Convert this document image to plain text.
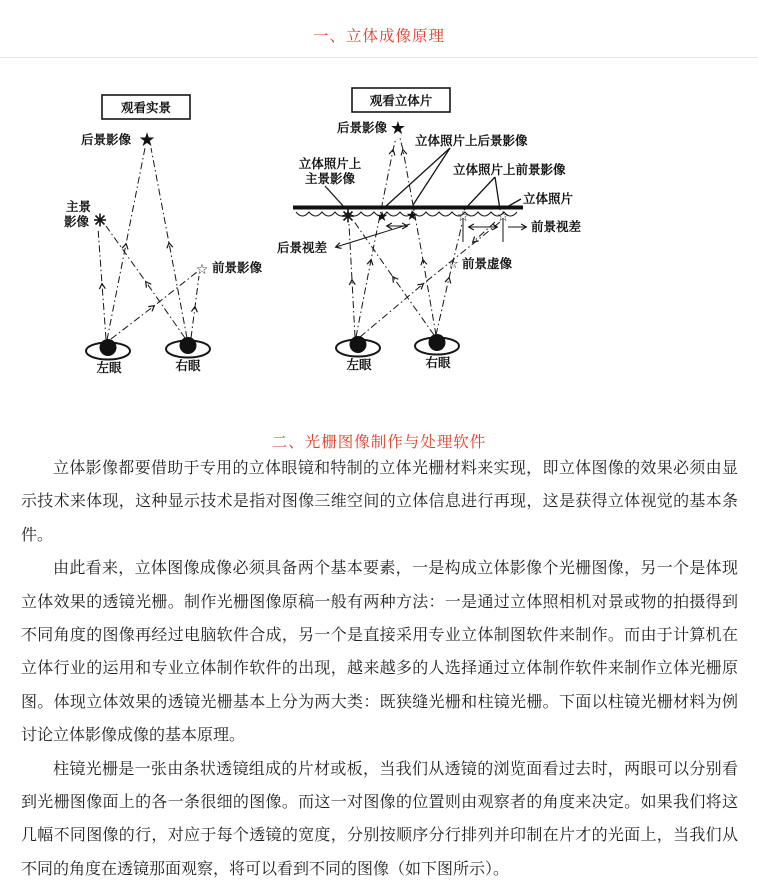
一、立体成像原理
观看实景
后景影像 ★
主景
影像
☆ 前景影像
左眼	右眼
观看立体片
后景影像 ★
立体照片上后景影像
立体照片上
主景影像
立体照片上前景影像
立体照片
★ ★	☆ ☆
前景视差
后景视差
☆ 前景虚像
左眼	右眼
二、光栅图像制作与处理软件

立体影像都要借助于专用的立体眼镜和特制的立体光栅材料来实现，即立体图像的效果必须由显示技术来体现，这种显示技术是指对图像三维空间的立体信息进行再现，这是获得立体视觉的基本条件。

由此看来，立体图像成像必须具备两个基本要素，一是构成立体影像个光栅图像，另一个是体现立体效果的透镜光栅。制作光栅图像原稿一般有两种方法：一是通过立体照相机对景或物的拍摄得到不同角度的图像再经过电脑软件合成，另一个是直接采用专业立体制图软件来制作。而由于计算机在立体行业的运用和专业立体制作软件的出现，越来越多的人选择通过立体制作软件来制作立体光栅原图。体现立体效果的透镜光栅基本上分为两大类：既狭缝光栅和柱镜光栅。下面以柱镜光栅材料为例讨论立体影像成像的基本原理。

柱镜光栅是一张由条状透镜组成的片材或板，当我们从透镜的浏览面看过去时，两眼可以分别看到光栅图像面上的各一条很细的图像。而这一对图像的位置则由观察者的角度来决定。如果我们将这几幅不同图像的行，对应于每个透镜的宽度，分别按顺序分行排列并印制在片才的光面上，当我们从不同的角度在透镜那面观察，将可以看到不同的图像（如下图所示）。
